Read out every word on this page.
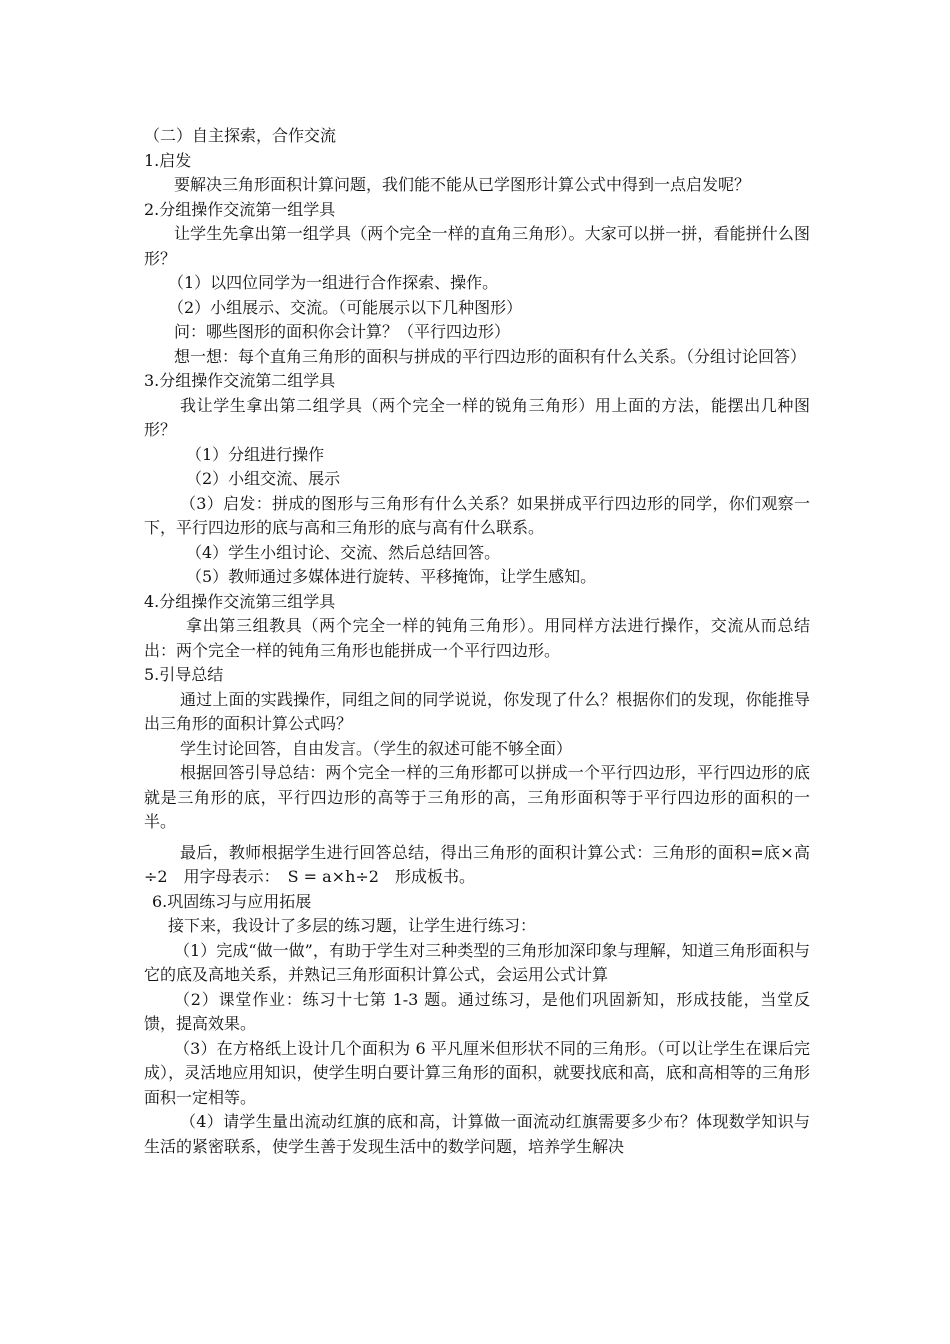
（二）自主探索，合作交流

1.启发

要解决三角形面积计算问题，我们能不能从已学图形计算公式中得到一点启发呢？

2.分组操作交流第一组学具

让学生先拿出第一组学具（两个完全一样的直角三角形）。大家可以拼一拼，看能拼什么图形？

（1）以四位同学为一组进行合作探索、操作。

（2）小组展示、交流。（可能展示以下几种图形）

问：哪些图形的面积你会计算？（平行四边形）

想一想：每个直角三角形的面积与拼成的平行四边形的面积有什么关系。（分组讨论回答）

3.分组操作交流第二组学具

我让学生拿出第二组学具（两个完全一样的锐角三角形）用上面的方法，能摆出几种图形？

（1）分组进行操作

（2）小组交流、展示

（3）启发：拼成的图形与三角形有什么关系？如果拼成平行四边形的同学，你们观察一下，平行四边形的底与高和三角形的底与高有什么联系。

（4）学生小组讨论、交流、然后总结回答。

（5）教师通过多媒体进行旋转、平移掩饰，让学生感知。

4.分组操作交流第三组学具

拿出第三组教具（两个完全一样的钝角三角形）。用同样方法进行操作，交流从而总结出：两个完全一样的钝角三角形也能拼成一个平行四边形。

5.引导总结

通过上面的实践操作，同组之间的同学说说，你发现了什么？根据你们的发现，你能推导出三角形的面积计算公式吗？

学生讨论回答，自由发言。（学生的叙述可能不够全面）

根据回答引导总结：两个完全一样的三角形都可以拼成一个平行四边形，平行四边形的底就是三角形的底，平行四边形的高等于三角形的高，三角形面积等于平行四边形的面积的一半。

最后，教师根据学生进行回答总结，得出三角形的面积计算公式：三角形的面积=底×高÷2　用字母表示：　S = a×h÷2　形成板书。

6.巩固练习与应用拓展

接下来，我设计了多层的练习题，让学生进行练习：

（1）完成“做一做”，有助于学生对三种类型的三角形加深印象与理解，知道三角形面积与它的底及高地关系，并熟记三角形面积计算公式，会运用公式计算

（2）课堂作业：练习十七第 1-3 题。通过练习，是他们巩固新知，形成技能，当堂反馈，提高效果。

（3）在方格纸上设计几个面积为 6 平凡厘米但形状不同的三角形。（可以让学生在课后完成），灵活地应用知识，使学生明白要计算三角形的面积，就要找底和高，底和高相等的三角形面积一定相等。

（4）请学生量出流动红旗的底和高，计算做一面流动红旗需要多少布？体现数学知识与生活的紧密联系，使学生善于发现生活中的数学问题，培养学生解决
